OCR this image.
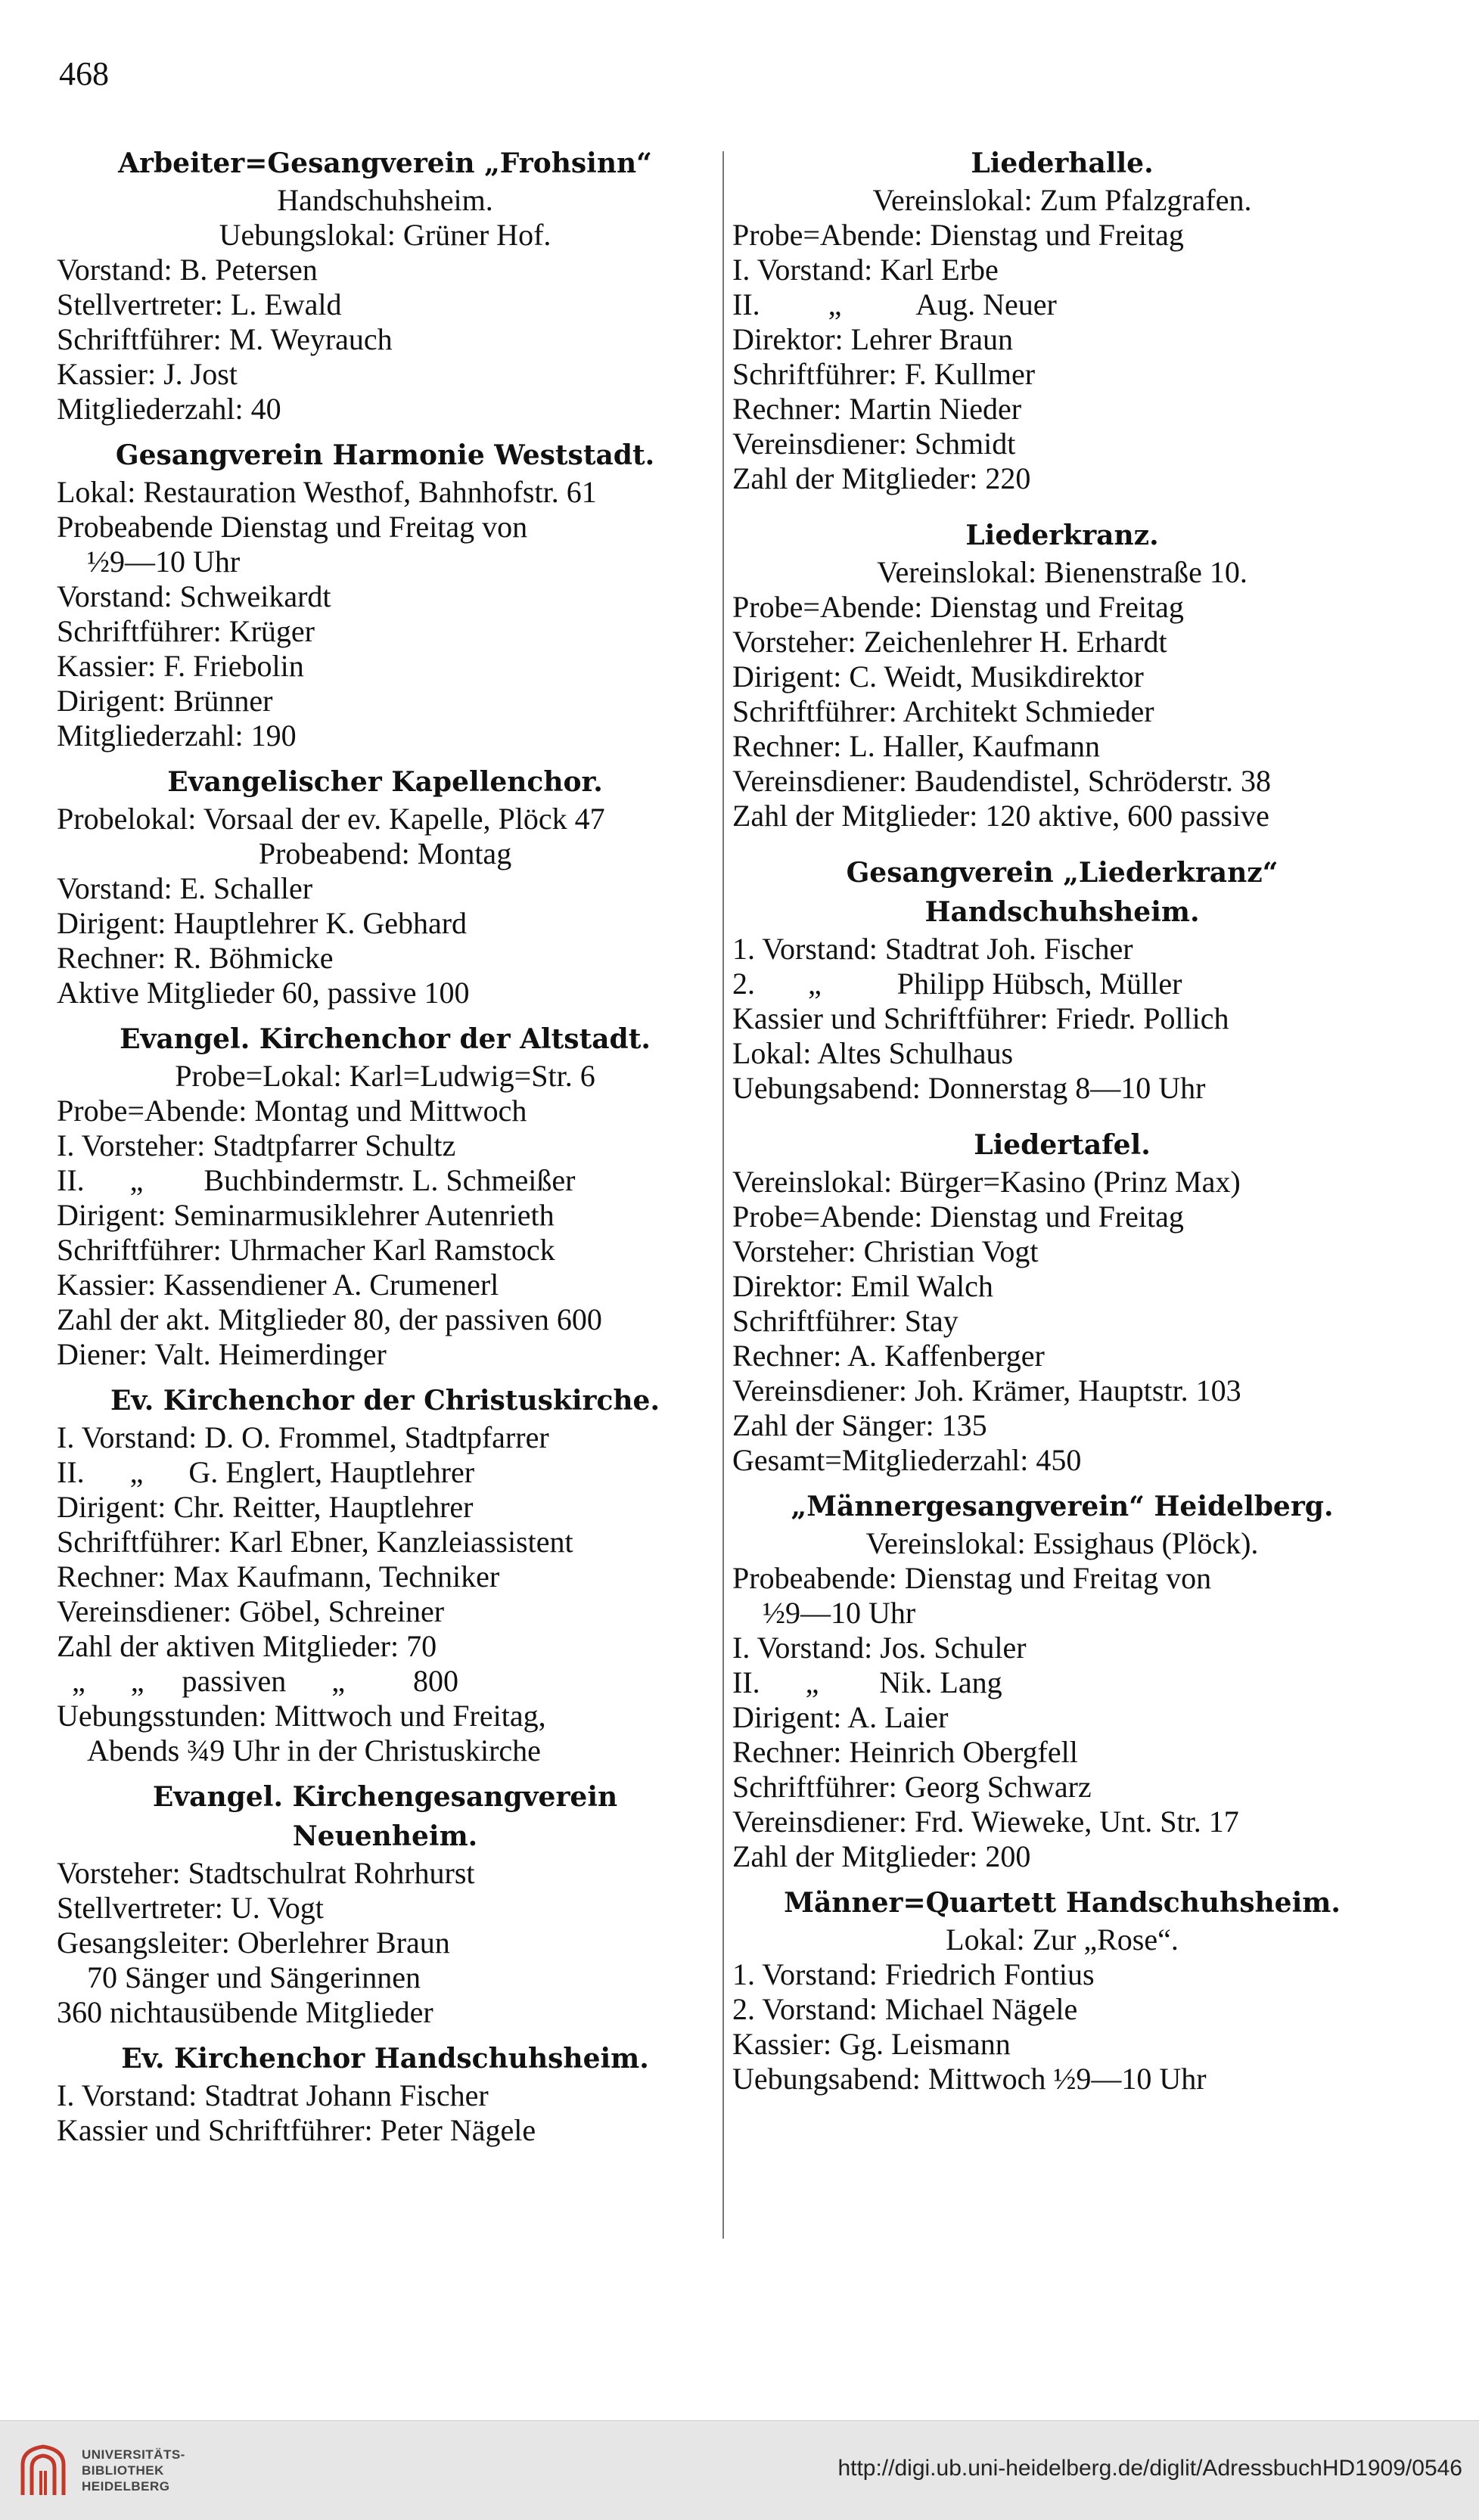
468
Arbeiter=Gesangverein „Frohsinn“
Handschuhsheim.
Uebungslokal: Grüner Hof.
Vorstand: B. Petersen
Stellvertreter: L. Ewald
Schriftführer: M. Weyrauch
Kassier: J. Jost
Mitgliederzahl: 40
Gesangverein Harmonie Weststadt.
Lokal: Restauration Westhof, Bahnhofstr. 61
Probeabende Dienstag und Freitag von
½9—10 Uhr
Vorstand: Schweikardt
Schriftführer: Krüger
Kassier: F. Friebolin
Dirigent: Brünner
Mitgliederzahl: 190
Evangelischer Kapellenchor.
Probelokal: Vorsaal der ev. Kapelle, Plöck 47
Probeabend: Montag
Vorstand: E. Schaller
Dirigent: Hauptlehrer K. Gebhard
Rechner: R. Böhmicke
Aktive Mitglieder 60, passive 100
Evangel. Kirchenchor der Altstadt.
Probe=Lokal: Karl=Ludwig=Str. 6
Probe=Abende: Montag und Mittwoch
I. Vorsteher: Stadtpfarrer Schultz
II.      „        Buchbindermstr. L. Schmeißer
Dirigent: Seminarmusiklehrer Autenrieth
Schriftführer: Uhrmacher Karl Ramstock
Kassier: Kassendiener A. Crumenerl
Zahl der akt. Mitglieder 80, der passiven 600
Diener: Valt. Heimerdinger
Ev. Kirchenchor der Christuskirche.
I. Vorstand: D. O. Frommel, Stadtpfarrer
II.      „      G. Englert, Hauptlehrer
Dirigent: Chr. Reitter, Hauptlehrer
Schriftführer: Karl Ebner, Kanzleiassistent
Rechner: Max Kaufmann, Techniker
Vereinsdiener: Göbel, Schreiner
Zahl der aktiven Mitglieder: 70
„      „     passiven      „         800
Uebungsstunden: Mittwoch und Freitag,
Abends ¾9 Uhr in der Christuskirche
Evangel. Kirchengesangverein
Neuenheim.
Vorsteher: Stadtschulrat Rohrhurst
Stellvertreter: U. Vogt
Gesangsleiter: Oberlehrer Braun
70 Sänger und Sängerinnen
360 nichtausübende Mitglieder
Ev. Kirchenchor Handschuhsheim.
I. Vorstand: Stadtrat Johann Fischer
Kassier und Schriftführer: Peter Nägele
Liederhalle.
Vereinslokal: Zum Pfalzgrafen.
Probe=Abende: Dienstag und Freitag
I. Vorstand: Karl Erbe
II.         „          Aug. Neuer
Direktor: Lehrer Braun
Schriftführer: F. Kullmer
Rechner: Martin Nieder
Vereinsdiener: Schmidt
Zahl der Mitglieder: 220
Liederkranz.
Vereinslokal: Bienenstraße 10.
Probe=Abende: Dienstag und Freitag
Vorsteher: Zeichenlehrer H. Erhardt
Dirigent: C. Weidt, Musikdirektor
Schriftführer: Architekt Schmieder
Rechner: L. Haller, Kaufmann
Vereinsdiener: Baudendistel, Schröderstr. 38
Zahl der Mitglieder: 120 aktive, 600 passive
Gesangverein „Liederkranz“
Handschuhsheim.
1. Vorstand: Stadtrat Joh. Fischer
2.       „          Philipp Hübsch, Müller
Kassier und Schriftführer: Friedr. Pollich
Lokal: Altes Schulhaus
Uebungsabend: Donnerstag 8—10 Uhr
Liedertafel.
Vereinslokal: Bürger=Kasino (Prinz Max)
Probe=Abende: Dienstag und Freitag
Vorsteher: Christian Vogt
Direktor: Emil Walch
Schriftführer: Stay
Rechner: A. Kaffenberger
Vereinsdiener: Joh. Krämer, Hauptstr. 103
Zahl der Sänger: 135
Gesamt=Mitgliederzahl: 450
„Männergesangverein“ Heidelberg.
Vereinslokal: Essighaus (Plöck).
Probeabende: Dienstag und Freitag von
½9—10 Uhr
I. Vorstand: Jos. Schuler
II.      „        Nik. Lang
Dirigent: A. Laier
Rechner: Heinrich Obergfell
Schriftführer: Georg Schwarz
Vereinsdiener: Frd. Wieweke, Unt. Str. 17
Zahl der Mitglieder: 200
Männer=Quartett Handschuhsheim.
Lokal: Zur „Rose“.
1. Vorstand: Friedrich Fontius
2. Vorstand: Michael Nägele
Kassier: Gg. Leismann
Uebungsabend: Mittwoch ½9—10 Uhr
UNIVERSITÄTS-
BIBLIOTHEK
HEIDELBERG
http://digi.ub.uni-heidelberg.de/diglit/AdressbuchHD1909/0546
